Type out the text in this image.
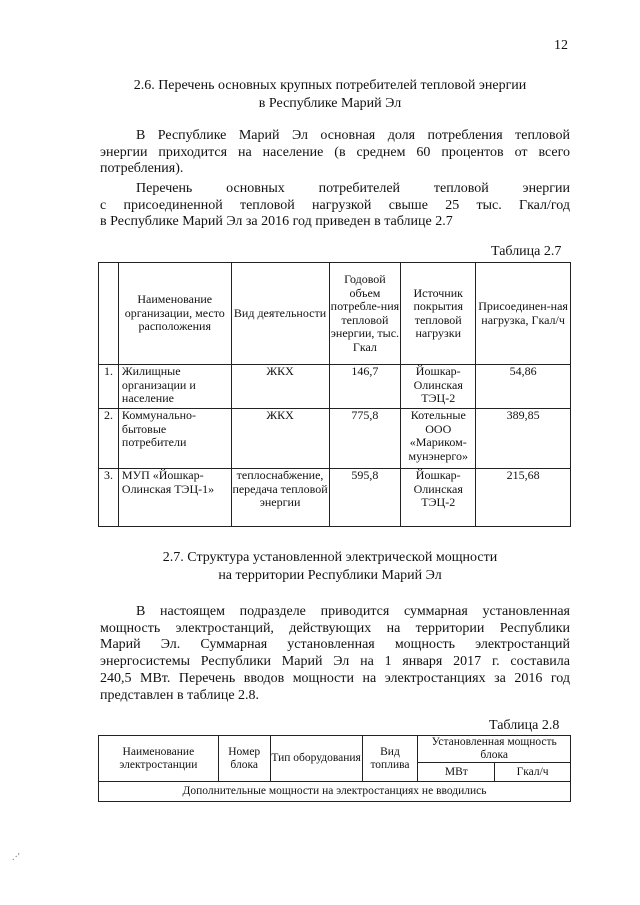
12
2.6. Перечень основных крупных потребителей тепловой энергии
в Республике Марий Эл
В Республике Марий Эл основная доля потребления тепловой
энергии приходится на население (в среднем 60 процентов от всего
потребления).
Перечень основных потребителей тепловой энергии
с присоединенной тепловой нагрузкой свыше 25 тыс. Гкал/год
в Республике Марий Эл за 2016 год приведен в таблице 2.7
Таблица 2.7
	Наименование организации, место расположения	Вид деятельности	Годовой объем потребле-ния тепловой энергии, тыс. Гкал	Источник покрытия тепловой нагрузки	Присоединен-ная нагрузка, Гкал/ч
1.	Жилищные организации и население	ЖКХ	146,7	Йошкар-Олинская ТЭЦ-2	54,86
2.	Коммунально-бытовые потребители	ЖКХ	775,8	Котельные ООО «Мариком-мунэнерго»	389,85
3.	МУП «Йошкар-Олинская ТЭЦ-1»	теплоснабжение, передача тепловой энергии	595,8	Йошкар-Олинская ТЭЦ-2	215,68
2.7. Структура установленной электрической мощности
на территории Республики Марий Эл
В настоящем подразделе приводится суммарная установленная
мощность электростанций, действующих на территории Республики
Марий Эл. Суммарная установленная мощность электростанций
энергосистемы Республики Марий Эл на 1 января 2017 г. составила
240,5 МВт. Перечень вводов мощности на электростанциях за 2016 год
представлен в таблице 2.8.
Таблица 2.8
Наименование электростанции	Номер блока	Тип оборудования	Вид топлива	Установленная мощность блока	
				МВт	Гкал/ч
Дополнительные мощности на электростанциях не вводились					
.·'
